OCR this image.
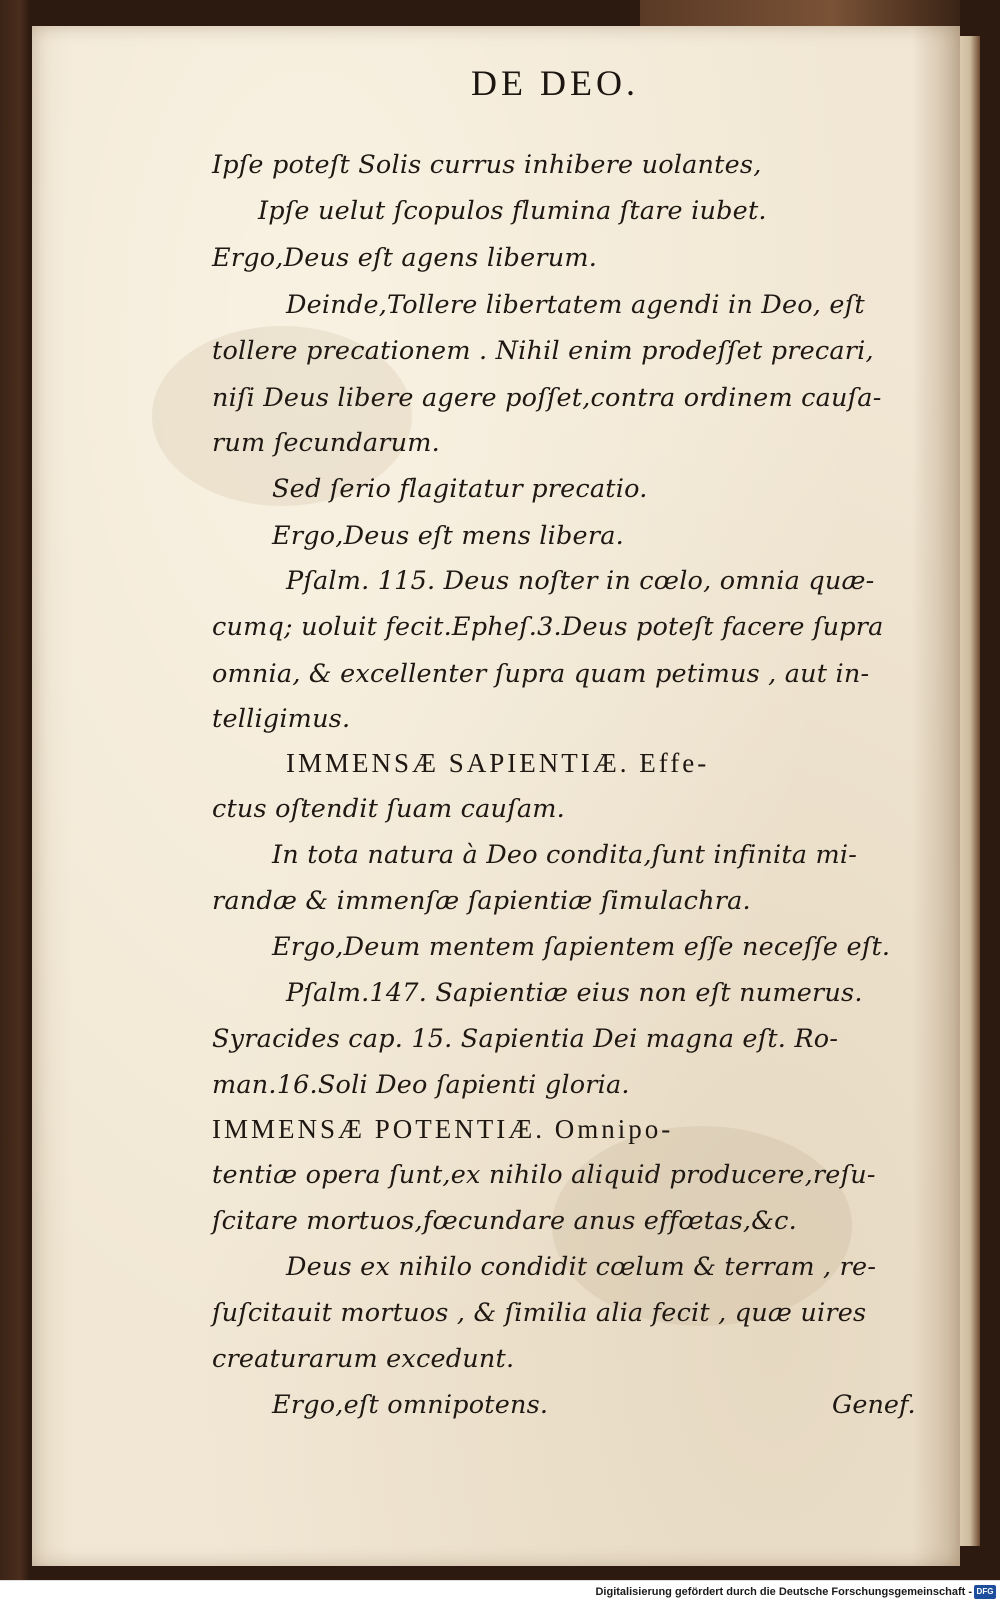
DE DEO.
Ipſe poteſt Solis currus inhibere uolantes,
Ipſe uelut ſcopulos flumina ſtare iubet.
Ergo,Deus eſt agens liberum.
Deinde,Tollere libertatem agendi in Deo, eſt
tollere precationem . Nihil enim prodeſſet precari,
niſi Deus libere agere poſſet,contra ordinem cauſa-
rum ſecundarum.
Sed ſerio flagitatur precatio.
Ergo,Deus eſt mens libera.
Pſalm. 115. Deus noſter in cœlo, omnia quæ-
cumq; uoluit fecit.Epheſ.3.Deus poteſt facere ſupra
omnia, & excellenter ſupra quam petimus , aut in-
telligimus.
IMMENSÆ SAPIENTIÆ. Effe-
ctus oſtendit ſuam cauſam.
In tota natura à Deo condita,ſunt infinita mi-
randæ & immenſæ ſapientiæ ſimulachra.
Ergo,Deum mentem ſapientem eſſe neceſſe eſt.
Pſalm.147. Sapientiæ eius non eſt numerus.
Syracides cap. 15. Sapientia Dei magna eſt. Ro-
man.16.Soli Deo ſapienti gloria.
IMMENSÆ POTENTIÆ. Omnipo-
tentiæ opera ſunt,ex nihilo aliquid producere,reſu-
ſcitare mortuos,fœcundare anus effœtas,&c.
Deus ex nihilo condidit cœlum & terram , re-
ſuſcitauit mortuos , & ſimilia alia fecit , quæ uires
creaturarum excedunt.
Ergo,eſt omnipotens.	Genef.
Digitalisierung gefördert durch die Deutsche Forschungsgemeinschaft - DFG
